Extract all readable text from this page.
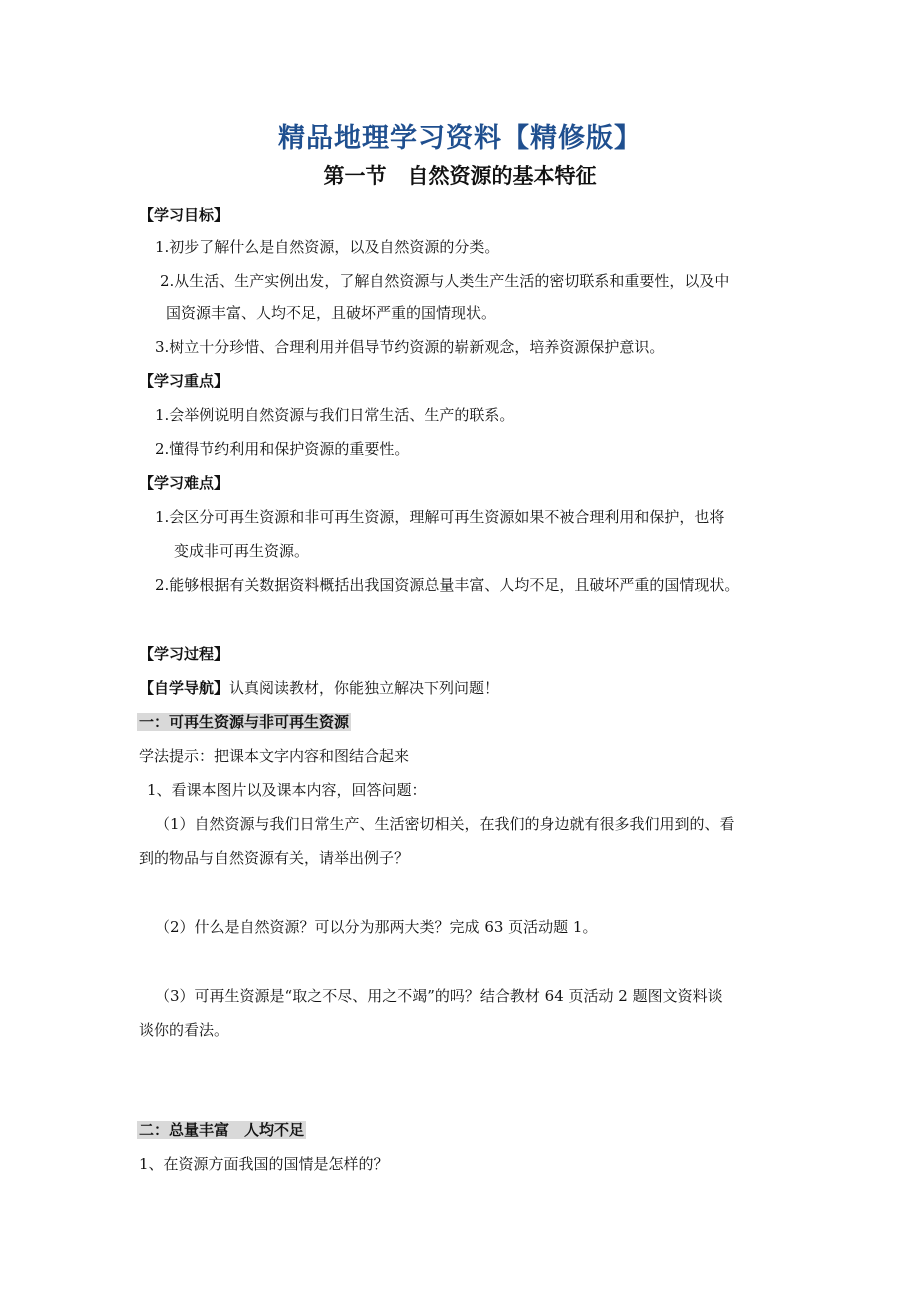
精品地理学习资料【精修版】
第一节　自然资源的基本特征
【学习目标】
1.初步了解什么是自然资源，以及自然资源的分类。
2.从生活、生产实例出发，了解自然资源与人类生产生活的密切联系和重要性，以及中
国资源丰富、人均不足，且破坏严重的国情现状。
3.树立十分珍惜、合理利用并倡导节约资源的崭新观念，培养资源保护意识。
【学习重点】
1.会举例说明自然资源与我们日常生活、生产的联系。
2.懂得节约利用和保护资源的重要性。
【学习难点】
1.会区分可再生资源和非可再生资源，理解可再生资源如果不被合理利用和保护，也将
变成非可再生资源。
2.能够根据有关数据资料概括出我国资源总量丰富、人均不足，且破坏严重的国情现状。
【学习过程】
【自学导航】认真阅读教材，你能独立解决下列问题！
一：可再生资源与非可再生资源
学法提示：把课本文字内容和图结合起来
1、看课本图片以及课本内容，回答问题：
（1）自然资源与我们日常生产、生活密切相关，在我们的身边就有很多我们用到的、看
到的物品与自然资源有关，请举出例子？
（2）什么是自然资源？可以分为那两大类？完成 63 页活动题 1。
（3）可再生资源是“取之不尽、用之不竭”的吗？结合教材 64 页活动 2 题图文资料谈
谈你的看法。
二：总量丰富　人均不足
1、在资源方面我国的国情是怎样的？
